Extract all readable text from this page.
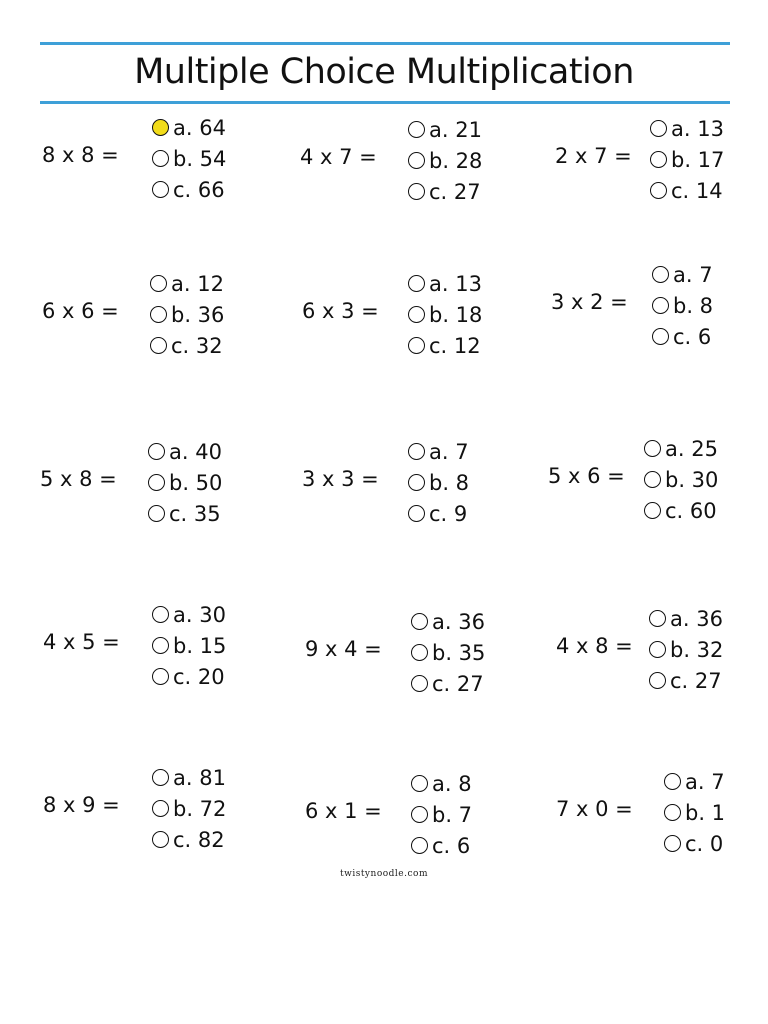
Multiple Choice Multiplication
8 x 8 =
a. 64
b. 54
c. 66
4 x 7 =
a. 21
b. 28
c. 27
2 x 7 =
a. 13
b. 17
c. 14
6 x 6 =
a. 12
b. 36
c. 32
6 x 3 =
a. 13
b. 18
c. 12
3 x 2 =
a. 7
b. 8
c. 6
5 x 8 =
a. 40
b. 50
c. 35
3 x 3 =
a. 7
b. 8
c. 9
5 x 6 =
a. 25
b. 30
c. 60
4 x 5 =
a. 30
b. 15
c. 20
9 x 4 =
a. 36
b. 35
c. 27
4 x 8 =
a. 36
b. 32
c. 27
8 x 9 =
a. 81
b. 72
c. 82
6 x 1 =
a. 8
b. 7
c. 6
7 x 0 =
a. 7
b. 1
c. 0
twistynoodle.com
